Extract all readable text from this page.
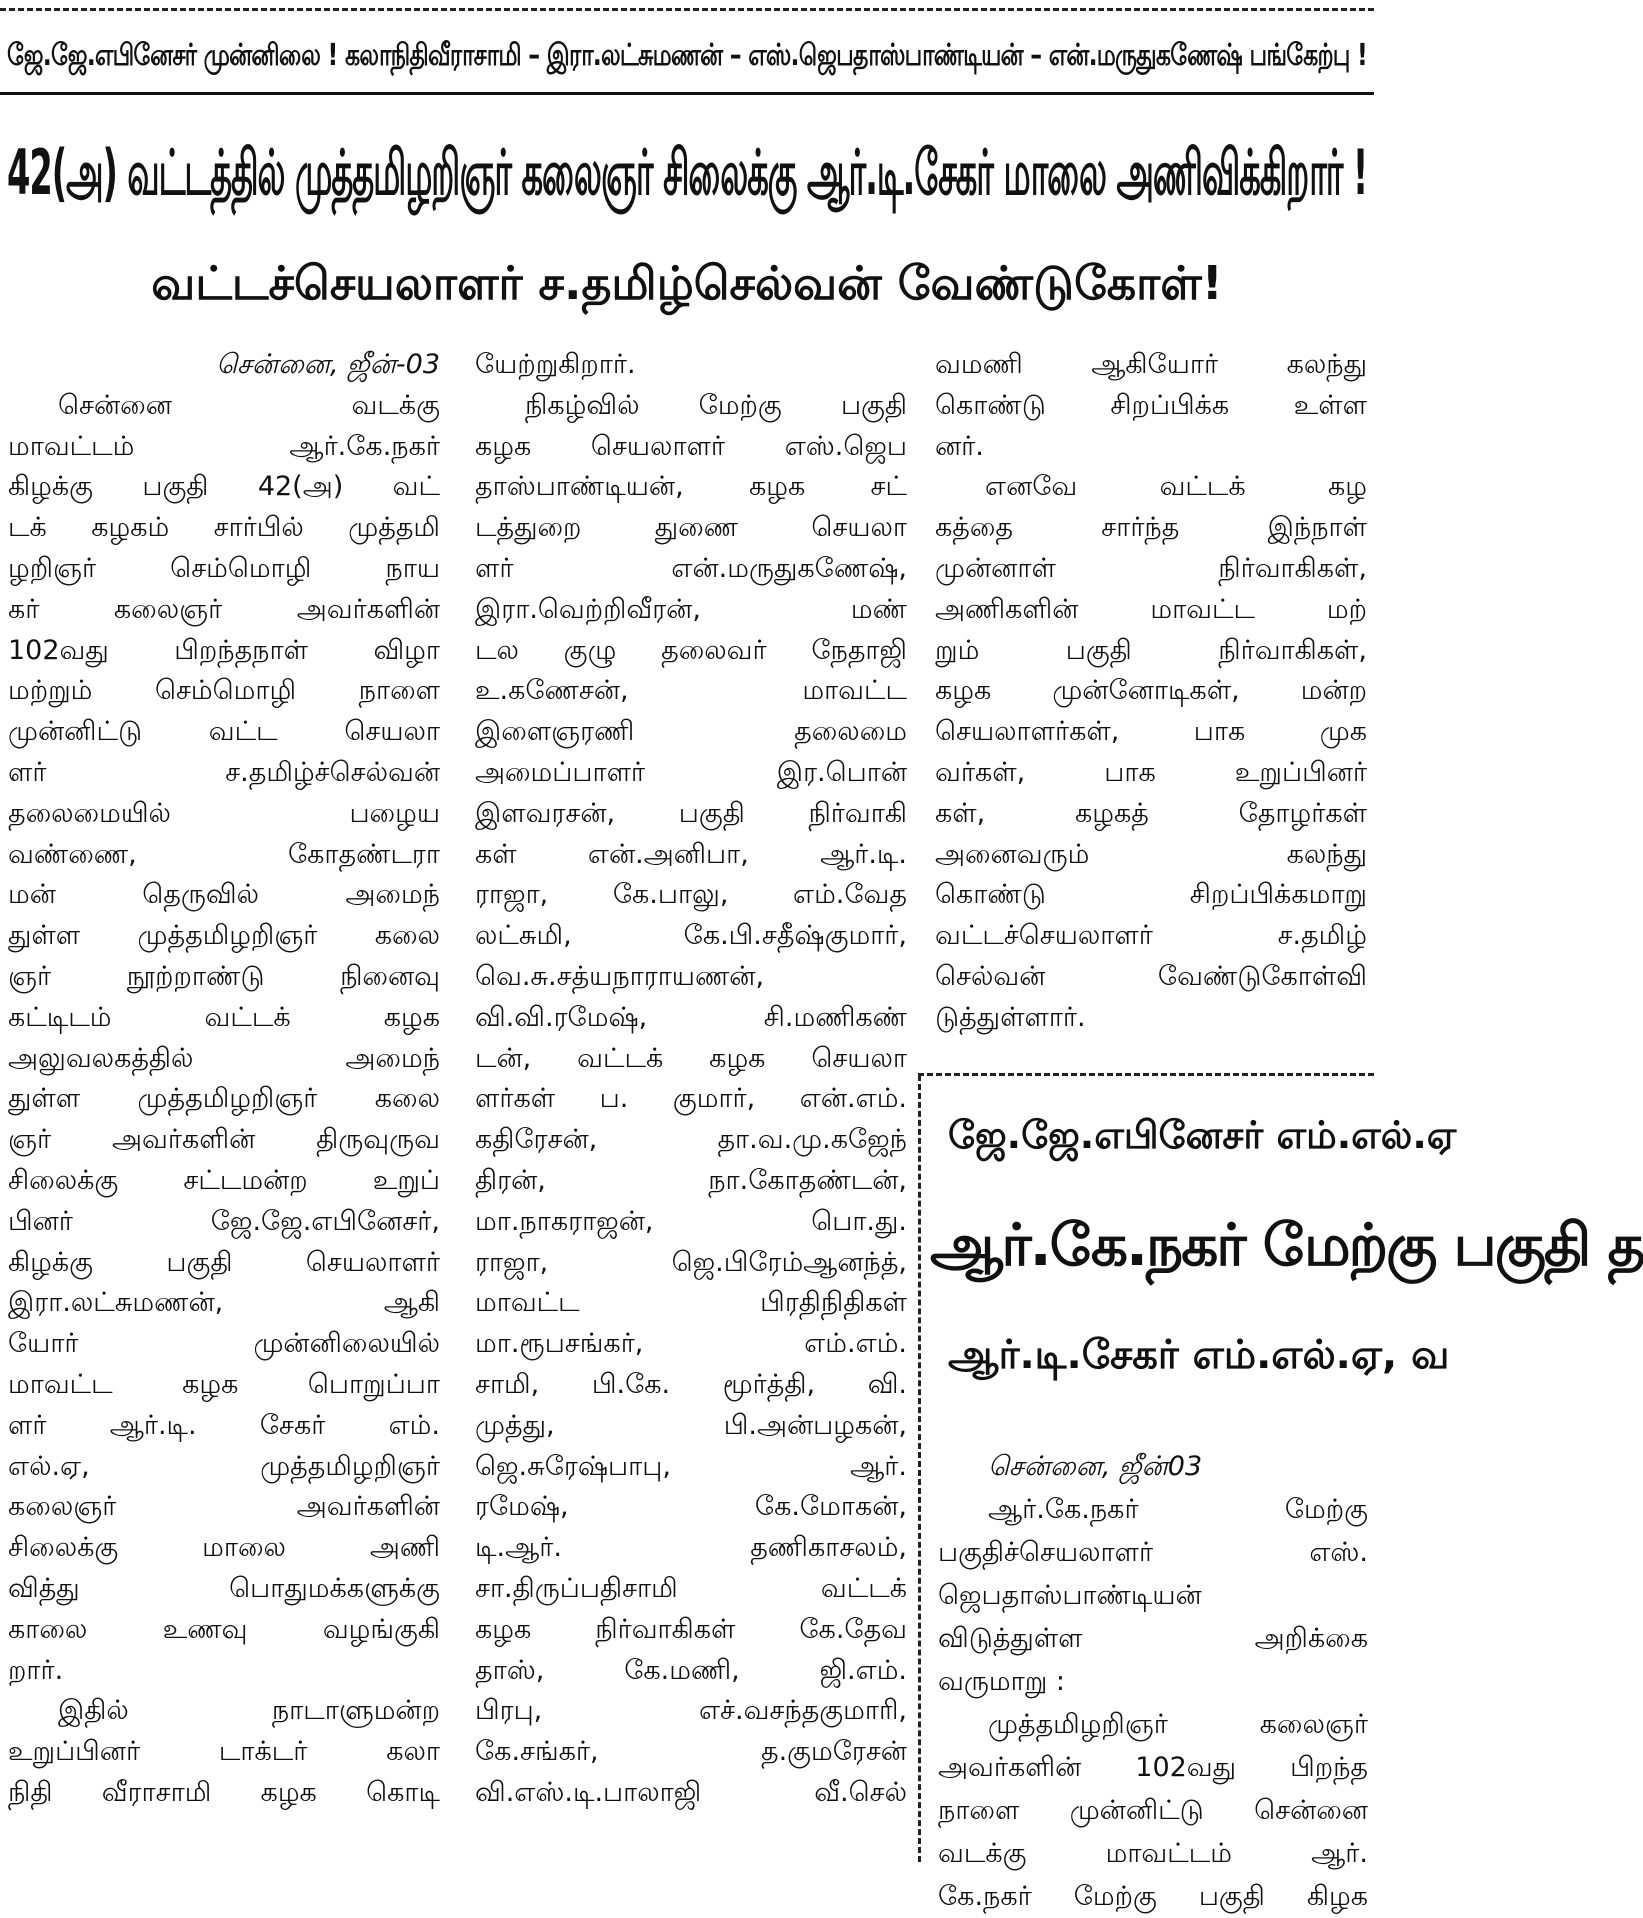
ஜே.ஜே.எபினேசர் முன்னிலை ! கலாநிதிவீராசாமி – இரா.லட்சுமணன் – எஸ்.ஜெபதாஸ்பாண்டியன் – என்.மருதுகணேஷ் பங்கேற்பு !
42(அ) வட்டத்தில் முத்தமிழறிஞர் கலைஞர் சிலைக்கு ஆர்.டி.சேகர் மாலை அணிவிக்கிறார் !
வட்டச்செயலாளர் ச.தமிழ்செல்வன் வேண்டுகோள்!
சென்னை, ஜீன்-03
சென்னை வடக்கு
மாவட்டம் ஆர்.கே.நகர்
கிழக்கு பகுதி 42(அ) வட்
டக் கழகம் சார்பில் முத்தமி
ழறிஞர் செம்மொழி நாய
கர் கலைஞர் அவர்களின்
102வது பிறந்தநாள் விழா
மற்றும் செம்மொழி நாளை
முன்னிட்டு வட்ட செயலா
ளர் ச.தமிழ்ச்செல்வன்
தலைமையில் பழைய
வண்ணை, கோதண்டரா
மன் தெருவில் அமைந்
துள்ள முத்தமிழறிஞர் கலை
ஞர் நூற்றாண்டு நினைவு
கட்டிடம் வட்டக் கழக
அலுவலகத்தில் அமைந்
துள்ள முத்தமிழறிஞர் கலை
ஞர் அவர்களின் திருவுருவ
சிலைக்கு சட்டமன்ற உறுப்
பினர் ஜே.ஜே.எபினேசர்,
கிழக்கு பகுதி செயலாளர்
இரா.லட்சுமணன், ஆகி
யோர் முன்னிலையில்
மாவட்ட கழக பொறுப்பா
ளர் ஆர்.டி. சேகர் எம்.
எல்.ஏ, முத்தமிழறிஞர்
கலைஞர் அவர்களின்
சிலைக்கு மாலை அணி
வித்து பொதுமக்களுக்கு
காலை உணவு வழங்குகி
றார்.
இதில் நாடாளுமன்ற
உறுப்பினர் டாக்டர் கலா
நிதி வீராசாமி கழக கொடி
யேற்றுகிறார்.
நிகழ்வில் மேற்கு பகுதி
கழக செயலாளர் எஸ்.ஜெப
தாஸ்பாண்டியன், கழக சட்
டத்துறை துணை செயலா
ளர் என்.மருதுகணேஷ்,
இரா.வெற்றிவீரன், மண்
டல குழு தலைவர் நேதாஜி
உ.கணேசன், மாவட்ட
இளைஞரணி தலைமை
அமைப்பாளர் இர.பொன்
இளவரசன், பகுதி நிர்வாகி
கள் என்.அனிபா, ஆர்.டி.
ராஜா, கே.பாலு, எம்.வேத
லட்சுமி, கே.பி.சதீஷ்குமார்,
வெ.சு.சத்யநாராயணன்,
வி.வி.ரமேஷ், சி.மணிகண்
டன், வட்டக் கழக செயலா
ளர்கள் ப. குமார், என்.எம்.
கதிரேசன், தா.வ.மு.கஜேந்
திரன், நா.கோதண்டன்,
மா.நாகராஜன், பொ.து.
ராஜா, ஜெ.பிரேம்ஆனந்த்,
மாவட்ட பிரதிநிதிகள்
மா.ரூபசங்கர், எம்.எம்.
சாமி, பி.கே. மூர்த்தி, வி.
முத்து, பி.அன்பழகன்,
ஜெ.சுரேஷ்பாபு, ஆர்.
ரமேஷ், கே.மோகன்,
டி.ஆர். தணிகாசலம்,
சா.திருப்பதிசாமி வட்டக்
கழக நிர்வாகிகள் கே.தேவ
தாஸ், கே.மணி, ஜி.எம்.
பிரபு, எச்.வசந்தகுமாரி,
கே.சங்கர், த.குமரேசன்
வி.எஸ்.டி.பாலாஜி வீ.செல்
வமணி ஆகியோர் கலந்து
கொண்டு சிறப்பிக்க உள்ள
னர்.
எனவே வட்டக் கழ
கத்தை சார்ந்த இந்நாள்
முன்னாள் நிர்வாகிகள்,
அணிகளின் மாவட்ட மற்
றும் பகுதி நிர்வாகிகள்,
கழக முன்னோடிகள், மன்ற
செயலாளர்கள், பாக முக
வர்கள், பாக உறுப்பினர்
கள், கழகத் தோழர்கள்
அனைவரும் கலந்து
கொண்டு சிறப்பிக்கமாறு
வட்டச்செயலாளர் ச.தமிழ்
செல்வன் வேண்டுகோள்வி
டுத்துள்ளார்.
ஜே.ஜே.எபினேசர் எம்.எல்.ஏ
ஆர்.கே.நகர் மேற்கு பகுதி த
ஆர்.டி.சேகர் எம்.எல்.ஏ, வ
சென்னை, ஜீன்03
ஆர்.கே.நகர் மேற்கு
பகுதிச்செயலாளர் எஸ்.
ஜெபதாஸ்பாண்டியன்
விடுத்துள்ள அறிக்கை
வருமாறு :
முத்தமிழறிஞர் கலைஞர்
அவர்களின் 102வது பிறந்த
நாளை முன்னிட்டு சென்னை
வடக்கு மாவட்டம் ஆர்.
கே.நகர் மேற்கு பகுதி கிழக
